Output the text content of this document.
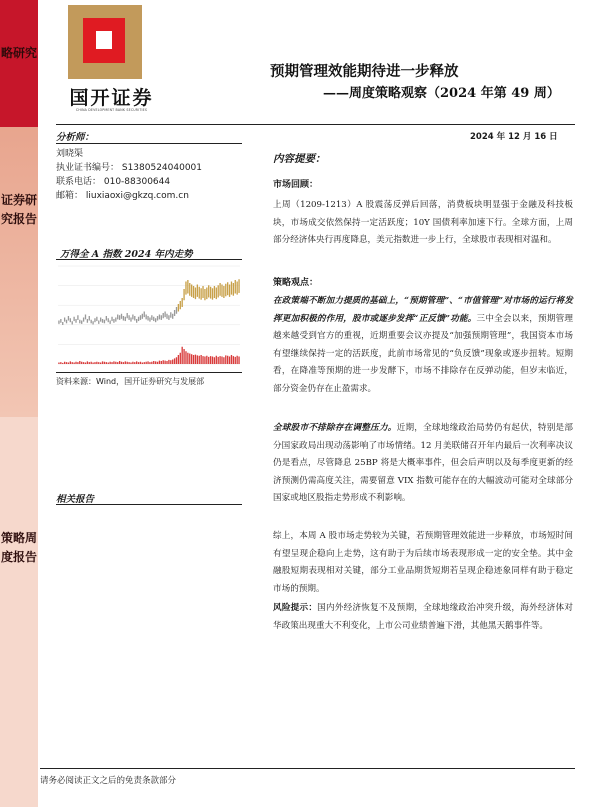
略研究
证券研究报告
策略周度报告
国开证券
CHINA DEVELOPMENT BANK SECURITIES
预期管理效能期待进一步释放
——周度策略观察（2024 年第 49 周）
分析师：	2024 年 12 月 16 日
刘晓渠
执业证书编号： S1380524040001
联系电话： 010-88300644
邮箱： liuxiaoxi@gkzq.com.cn
万得全 A 指数 2024 年内走势
资料来源：Wind，国开证券研究与发展部
相关报告
内容提要：
市场回顾：
上周（1209-1213）A 股震荡反弹后回落，消费板块明显强于金融及科技板块，市场成交依然保持一定活跃度；10Y 国债利率加速下行。全球方面，上周部分经济体央行再度降息，美元指数进一步上行，全球股市表现相对温和。
策略观点：
在政策端不断加力提质的基础上，“预期管理”、“市值管理”对市场的运行将发挥更加积极的作用，股市或逐步发挥“正反馈”功能。三中全会以来，预期管理越来越受到官方的重视，近期重要会议亦提及“加强预期管理”，我国资本市场有望继续保持一定的活跃度，此前市场常见的“负反馈”现象或逐步扭转。短期看，在降准等预期的进一步发酵下，市场不排除存在反弹动能，但岁末临近，部分资金仍存在止盈需求。
全球股市不排除存在调整压力。近期，全球地缘政治局势仍有起伏，特别是部分国家政局出现动荡影响了市场情绪。12 月美联储召开年内最后一次利率决议仍是看点，尽管降息 25BP 将是大概率事件，但会后声明以及每季度更新的经济预测仍需高度关注，需要留意 VIX 指数可能存在的大幅波动可能对全球部分国家或地区股指走势形成不利影响。
综上，本周 A 股市场走势较为关键，若预期管理效能进一步释放，市场短时间有望呈现企稳向上走势，这有助于为后续市场表现形成一定的安全垫。其中金融股短期表现相对关键，部分工业品期货短期若呈现企稳迹象同样有助于稳定市场的预期。
风险提示：国内外经济恢复不及预期，全球地缘政治冲突升级，海外经济体对华政策出现重大不利变化，上市公司业绩普遍下滑，其他黑天鹅事件等。
请务必阅读正文之后的免责条款部分
